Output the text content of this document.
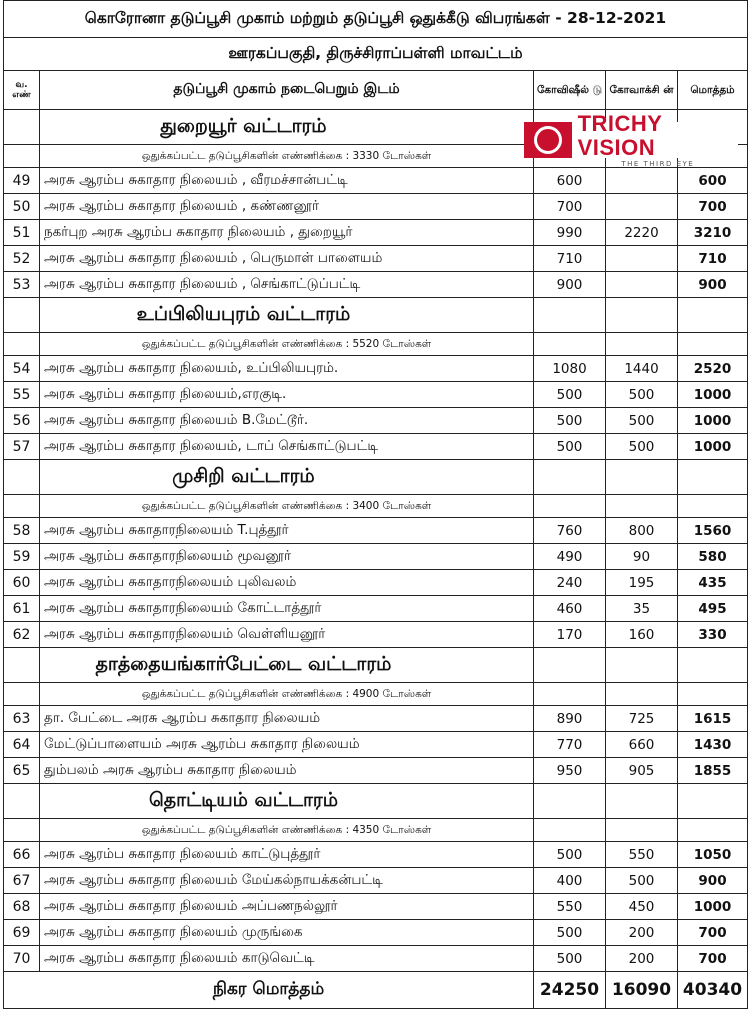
கொரோனா தடுப்பூசி முகாம் மற்றும் தடுப்பூசி ஒதுக்கீடு விபரங்கள் - 28-12-2021				
ஊரகப்பகுதி, திருச்சிராப்பள்ளி மாவட்டம்				
வ. எண்	தடுப்பூசி முகாம் நடைபெறும் இடம்	கோவிஷீல் டு	கோவாக்சி ன்	மொத்தம்
	துறையூர் வட்டாரம்			
	ஒதுக்கப்பட்ட தடுப்பூசிகளின் எண்ணிக்கை : 3330 டோஸ்கள்			
49	அரசு ஆரம்ப சுகாதார நிலையம் , வீரமச்சான்பட்டி	600		600
50	அரசு ஆரம்ப சுகாதார நிலையம் , கண்ணனூர்	700		700
51	நகர்புற அரசு ஆரம்ப சுகாதார நிலையம் , துறையூர்	990	2220	3210
52	அரசு ஆரம்ப சுகாதார நிலையம் , பெருமாள் பாளையம்	710		710
53	அரசு ஆரம்ப சுகாதார நிலையம் , செங்காட்டுப்பட்டி	900		900
	உப்பிலியபுரம் வட்டாரம்			
	ஒதுக்கப்பட்ட தடுப்பூசிகளின் எண்ணிக்கை : 5520 டோஸ்கள்			
54	அரசு ஆரம்ப சுகாதார நிலையம், உப்பிலியபுரம்.	1080	1440	2520
55	அரசு ஆரம்ப சுகாதார நிலையம்,எரகுடி.	500	500	1000
56	அரசு ஆரம்ப சுகாதார நிலையம் B.மேட்டூர்.	500	500	1000
57	அரசு ஆரம்ப சுகாதார நிலையம், டாப் செங்காட்டுபட்டி	500	500	1000
	முசிறி வட்டாரம்			
	ஒதுக்கப்பட்ட தடுப்பூசிகளின் எண்ணிக்கை : 3400 டோஸ்கள்			
58	அரசு ஆரம்ப சுகாதாரநிலையம் T.புத்தூர்	760	800	1560
59	அரசு ஆரம்ப சுகாதாரநிலையம் மூவனூர்	490	90	580
60	அரசு ஆரம்ப சுகாதாரநிலையம் புலிவலம்	240	195	435
61	அரசு ஆரம்ப சுகாதாரநிலையம் கோட்டாத்தூர்	460	35	495
62	அரசு ஆரம்ப சுகாதாரநிலையம் வெள்ளியனூர்	170	160	330
	தாத்தையங்கார்பேட்டை வட்டாரம்			
	ஒதுக்கப்பட்ட தடுப்பூசிகளின் எண்ணிக்கை : 4900 டோஸ்கள்			
63	தா. பேட்டை அரசு ஆரம்ப சுகாதார நிலையம்	890	725	1615
64	மேட்டுப்பாளையம் அரசு ஆரம்ப சுகாதார நிலையம்	770	660	1430
65	தும்பலம் அரசு ஆரம்ப சுகாதார நிலையம்	950	905	1855
	தொட்டியம் வட்டாரம்			
	ஒதுக்கப்பட்ட தடுப்பூசிகளின் எண்ணிக்கை : 4350 டோஸ்கள்			
66	அரசு ஆரம்ப சுகாதார நிலையம் காட்டுபுத்தூர்	500	550	1050
67	அரசு ஆரம்ப சுகாதார நிலையம் மேய்கல்நாயக்கன்பட்டி	400	500	900
68	அரசு ஆரம்ப சுகாதார நிலையம் அப்பணநல்லூர்	550	450	1000
69	அரசு ஆரம்ப சுகாதார நிலையம் முருங்கை	500	200	700
70	அரசு ஆரம்ப சுகாதார நிலையம் காடுவெட்டி	500	200	700
நிகர மொத்தம்		24250	16090	40340
TRICHY VISION
THE THIRD EYE
